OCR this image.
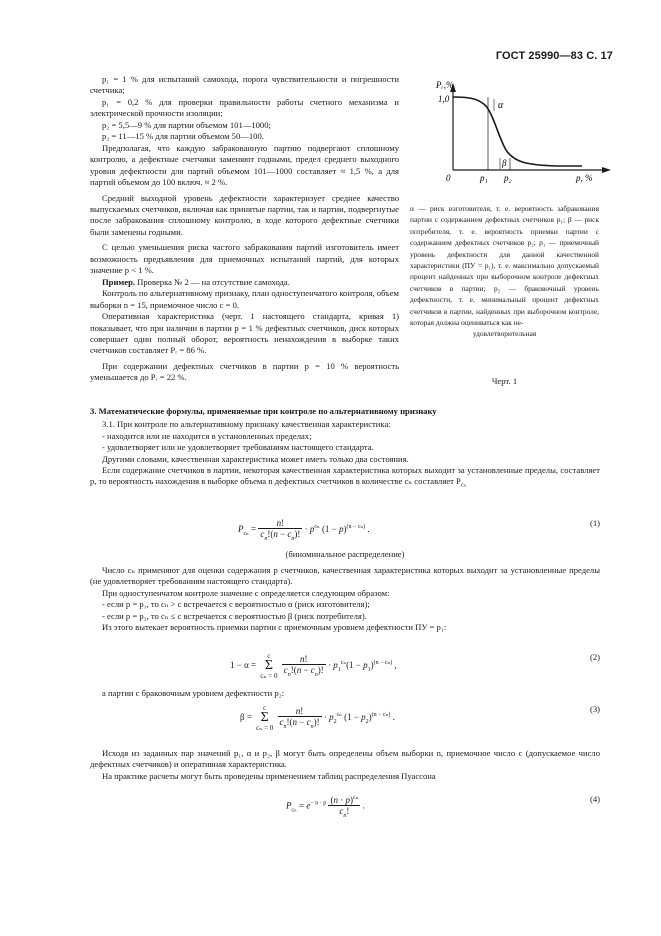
ГОСТ 25990—83 С. 17

p₁ = 1 % для испытаний самохода, порога чувствительности и погрешности счетчика;

p₁ = 0,2 % для проверки правильности работы счетного механизма и электрической прочности изоляции;

p₂ = 5,5—9 % для партии объемом 101—1000;

p₂ = 11—15 % для партии объемом 50—100.

Предполагая, что каждую забракованную партию подвергают сплошному контролю, а дефектные счетчики заменяют годными, предел среднего выходного уровня дефектности для партий объемом 101—1000 составляет ≈ 1,5 %, а для партий объемом до 100 включ. ≈ 2 %.

Средний выходной уровень дефектности характеризует среднее качество выпускаемых счетчиков, включая как принятые партии, так и партии, подвергнутые после забракования сплошному контролю, в ходе которого дефектные счетчики были заменены годными.

С целью уменьшения риска частого забракования партий изготовитель имеет возможность предъявления для приемочных испытаний партий, для которых значение p < 1 %.

Пример. Проверка № 2 — на отсутствие самохода.

Контроль по альтернативному признаку, план одноступенчатого контроля, объем выборки n = 15, приемочное число c = 0.

Оперативная характеристика (черт. 1 настоящего стандарта, кривая 1) показывает, что при наличии в партии p = 1 % дефектных счетчиков, диск которых совершает один полный оборот, вероятность ненахождения в выборке таких счетчиков составляет Pᵣ = 86 %.

При содержании дефектных счетчиков в партии p = 10 % вероятность уменьшается до Pᵣ = 22 %.

Pᵣ,%
1,0
α
β
0	p₁ p₂	p, %
α — риск изготовителя, т. е. вероятность забракования партии с содержанием дефектных счетчиков p₁; β — риск потребителя, т. е. вероятность приемки партии с содержанием дефектных счетчиков p₂; p₁ — приемочный уровень дефектности для данной качественной характеристики (ПУ = p₁), т. е. максимально допускаемый процент найденных при выборочном контроле дефектных счетчиков в партии; p₂ — браковочный уровень дефектности, т. е. минимальный процент дефектных счетчиков в партии, найденных при выборочном контроле, которая должна оцениваться как не-
удовлетворительная
Черт. 1

3. Математические формулы, применяемые при контроле по альтернативному признаку

3.1. При контроле по альтернативному признаку качественная характеристика:

- находится или не находится в установленных пределах;

- удовлетворяет или не удовлетворяет требованиям настоящего стандарта.

Другими словами, качественная характеристика может иметь только два состояния.

Если содержание счетчиков в партии, некоторая качественная характеристика которых выходит за установленные пределы, составляет p, то вероятность нахождения в выборке объема n дефектных счетчиков в количестве cₙ составляет $P_{c_n}$

$P_{c_n} = \frac{n!}{c_n!(n - c_n)!} \cdot p^{c_n}$ $(1 - p)^{(n - c_n)}$ .
(1)
(биноминальное распределение)

Число cₙ применяют для оценки содержания p счетчиков, качественная характеристика которых выходит за установленные пределы (не удовлетворяет требованиям настоящего стандарта).

При одноступенчатом контроле значение c определяется следующим образом:

- если p = p₁, то cₙ > c встречается с вероятностью α (риск изготовителя);

- если p = p₂, то cₙ ≤ c встречается с вероятностью β (риск потребителя).

Из этого вытекает вероятность приемки партии с приемочным уровнем дефектности ПУ = p₁:

1 − α =
c
Σ
cₙ = 0
$\frac{n!}{c_n!(n - c_n)!} \cdot p_1^{c_n}(1 - p_1)^{(n - c_n)}$ ,
(2)

а партии с браковочным уровнем дефектности p₂:

β =
c
Σ
cₙ = 0
$\frac{n!}{c_n!(n - c_n)!} \cdot p_2^{c_n}$ $(1 - p_2)^{(n - c_n)}$ .
(3)

Исходя из заданных пар значений p₁, α и p₂, β могут быть определены объем выборки n, приемочное число c (допускаемое число дефектных счетчиков) и оперативная характеристика.

На практике расчеты могут быть проведены применением таблиц распределения Пуассона

$P_{c_n} = e^{- n \cdot p} \frac{(n \cdot p)^{c_n}}{c_n!}$ .
(4)
